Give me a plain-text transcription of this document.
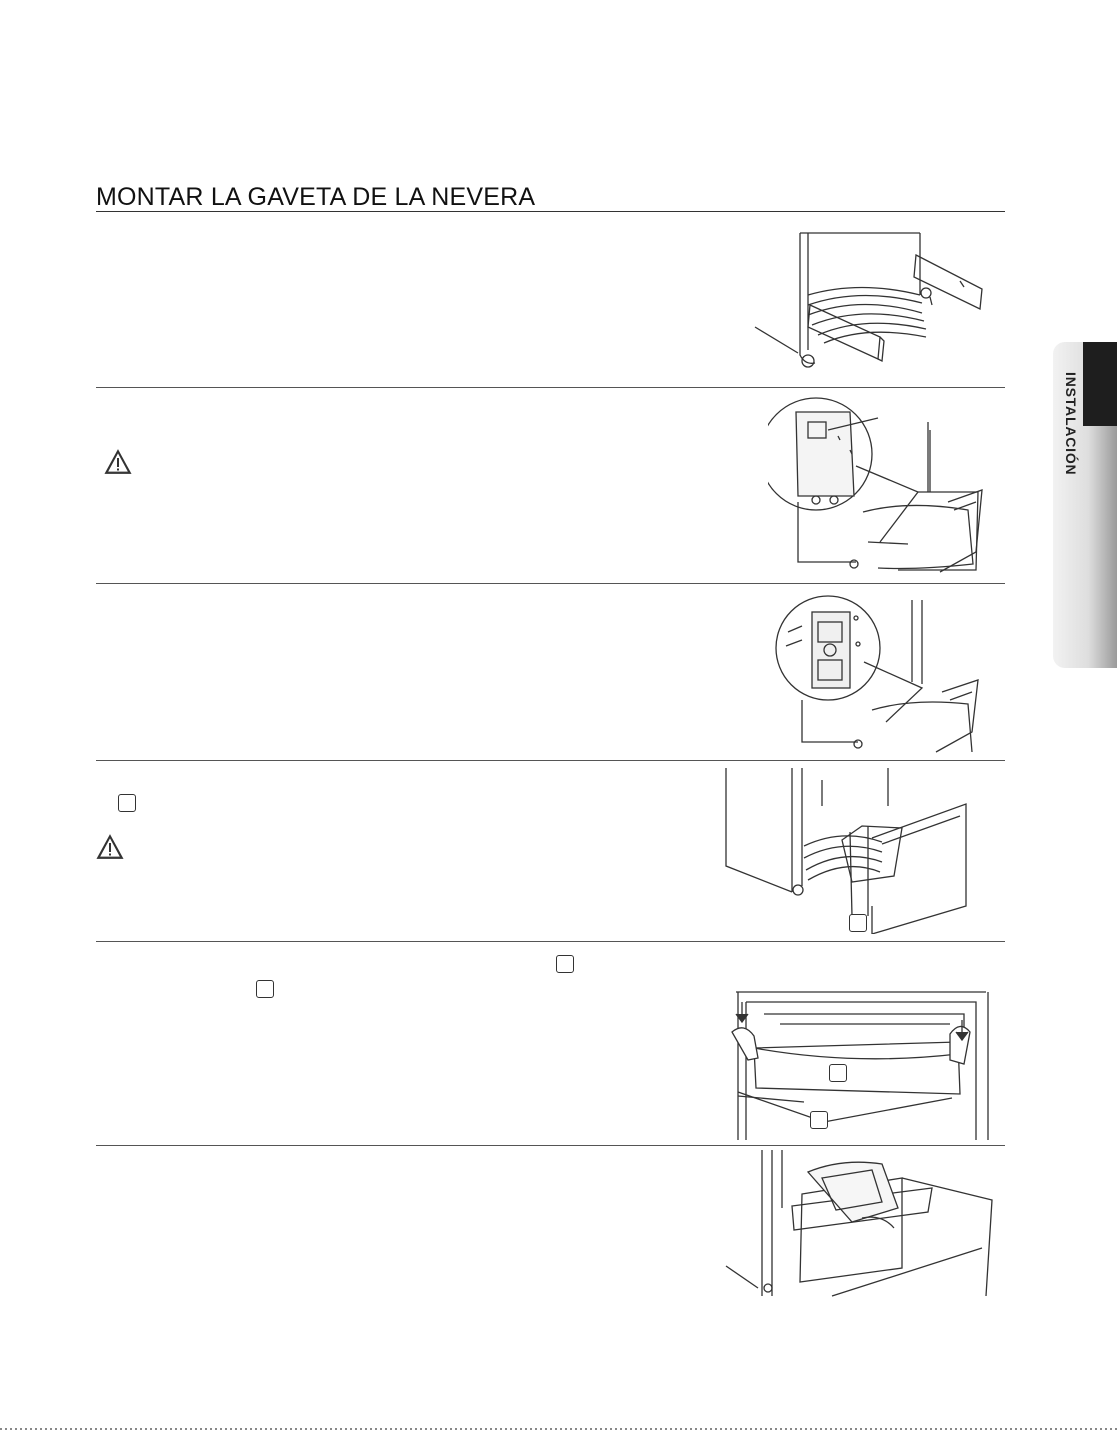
MONTAR LA GAVETA DE LA NEVERA
INSTALACIÓN
